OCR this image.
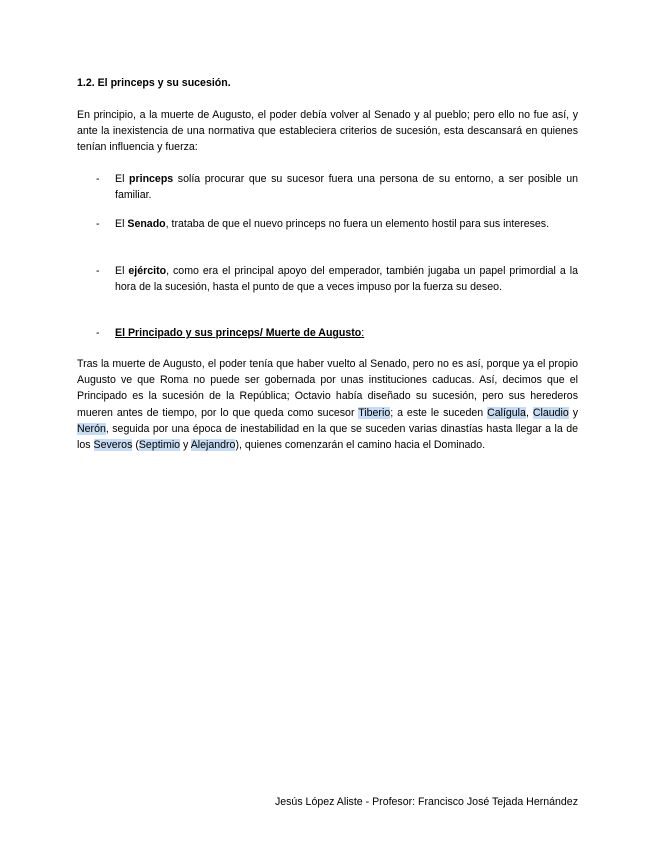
1.2. El princeps y su sucesión.

En principio, a la muerte de Augusto, el poder debía volver al Senado y al pueblo; pero ello no fue así, y ante la inexistencia de una normativa que estableciera criterios de sucesión, esta descansará en quienes tenían influencia y fuerza:

- El princeps solía procurar que su sucesor fuera una persona de su entorno, a ser posible un familiar.
- El Senado, trataba de que el nuevo princeps no fuera un elemento hostil para sus intereses.
- El ejército, como era el principal apoyo del emperador, también jugaba un papel primordial a la hora de la sucesión, hasta el punto de que a veces impuso por la fuerza su deseo.
- El Principado y sus princeps/ Muerte de Augusto:

Tras la muerte de Augusto, el poder tenía que haber vuelto al Senado, pero no es así, porque ya el propio Augusto ve que Roma no puede ser gobernada por unas instituciones caducas. Así, decimos que el Principado es la sucesión de la República; Octavio había diseñado su sucesión, pero sus herederos mueren antes de tiempo, por lo que queda como sucesor Tiberio; a este le suceden Calígula, Claudio y Nerón, seguida por una época de inestabilidad en la que se suceden varias dinastías hasta llegar a la de los Severos (Septimio y Alejandro), quienes comenzarán el camino hacia el Dominado.

Jesús López Aliste - Profesor: Francisco José Tejada Hernández
